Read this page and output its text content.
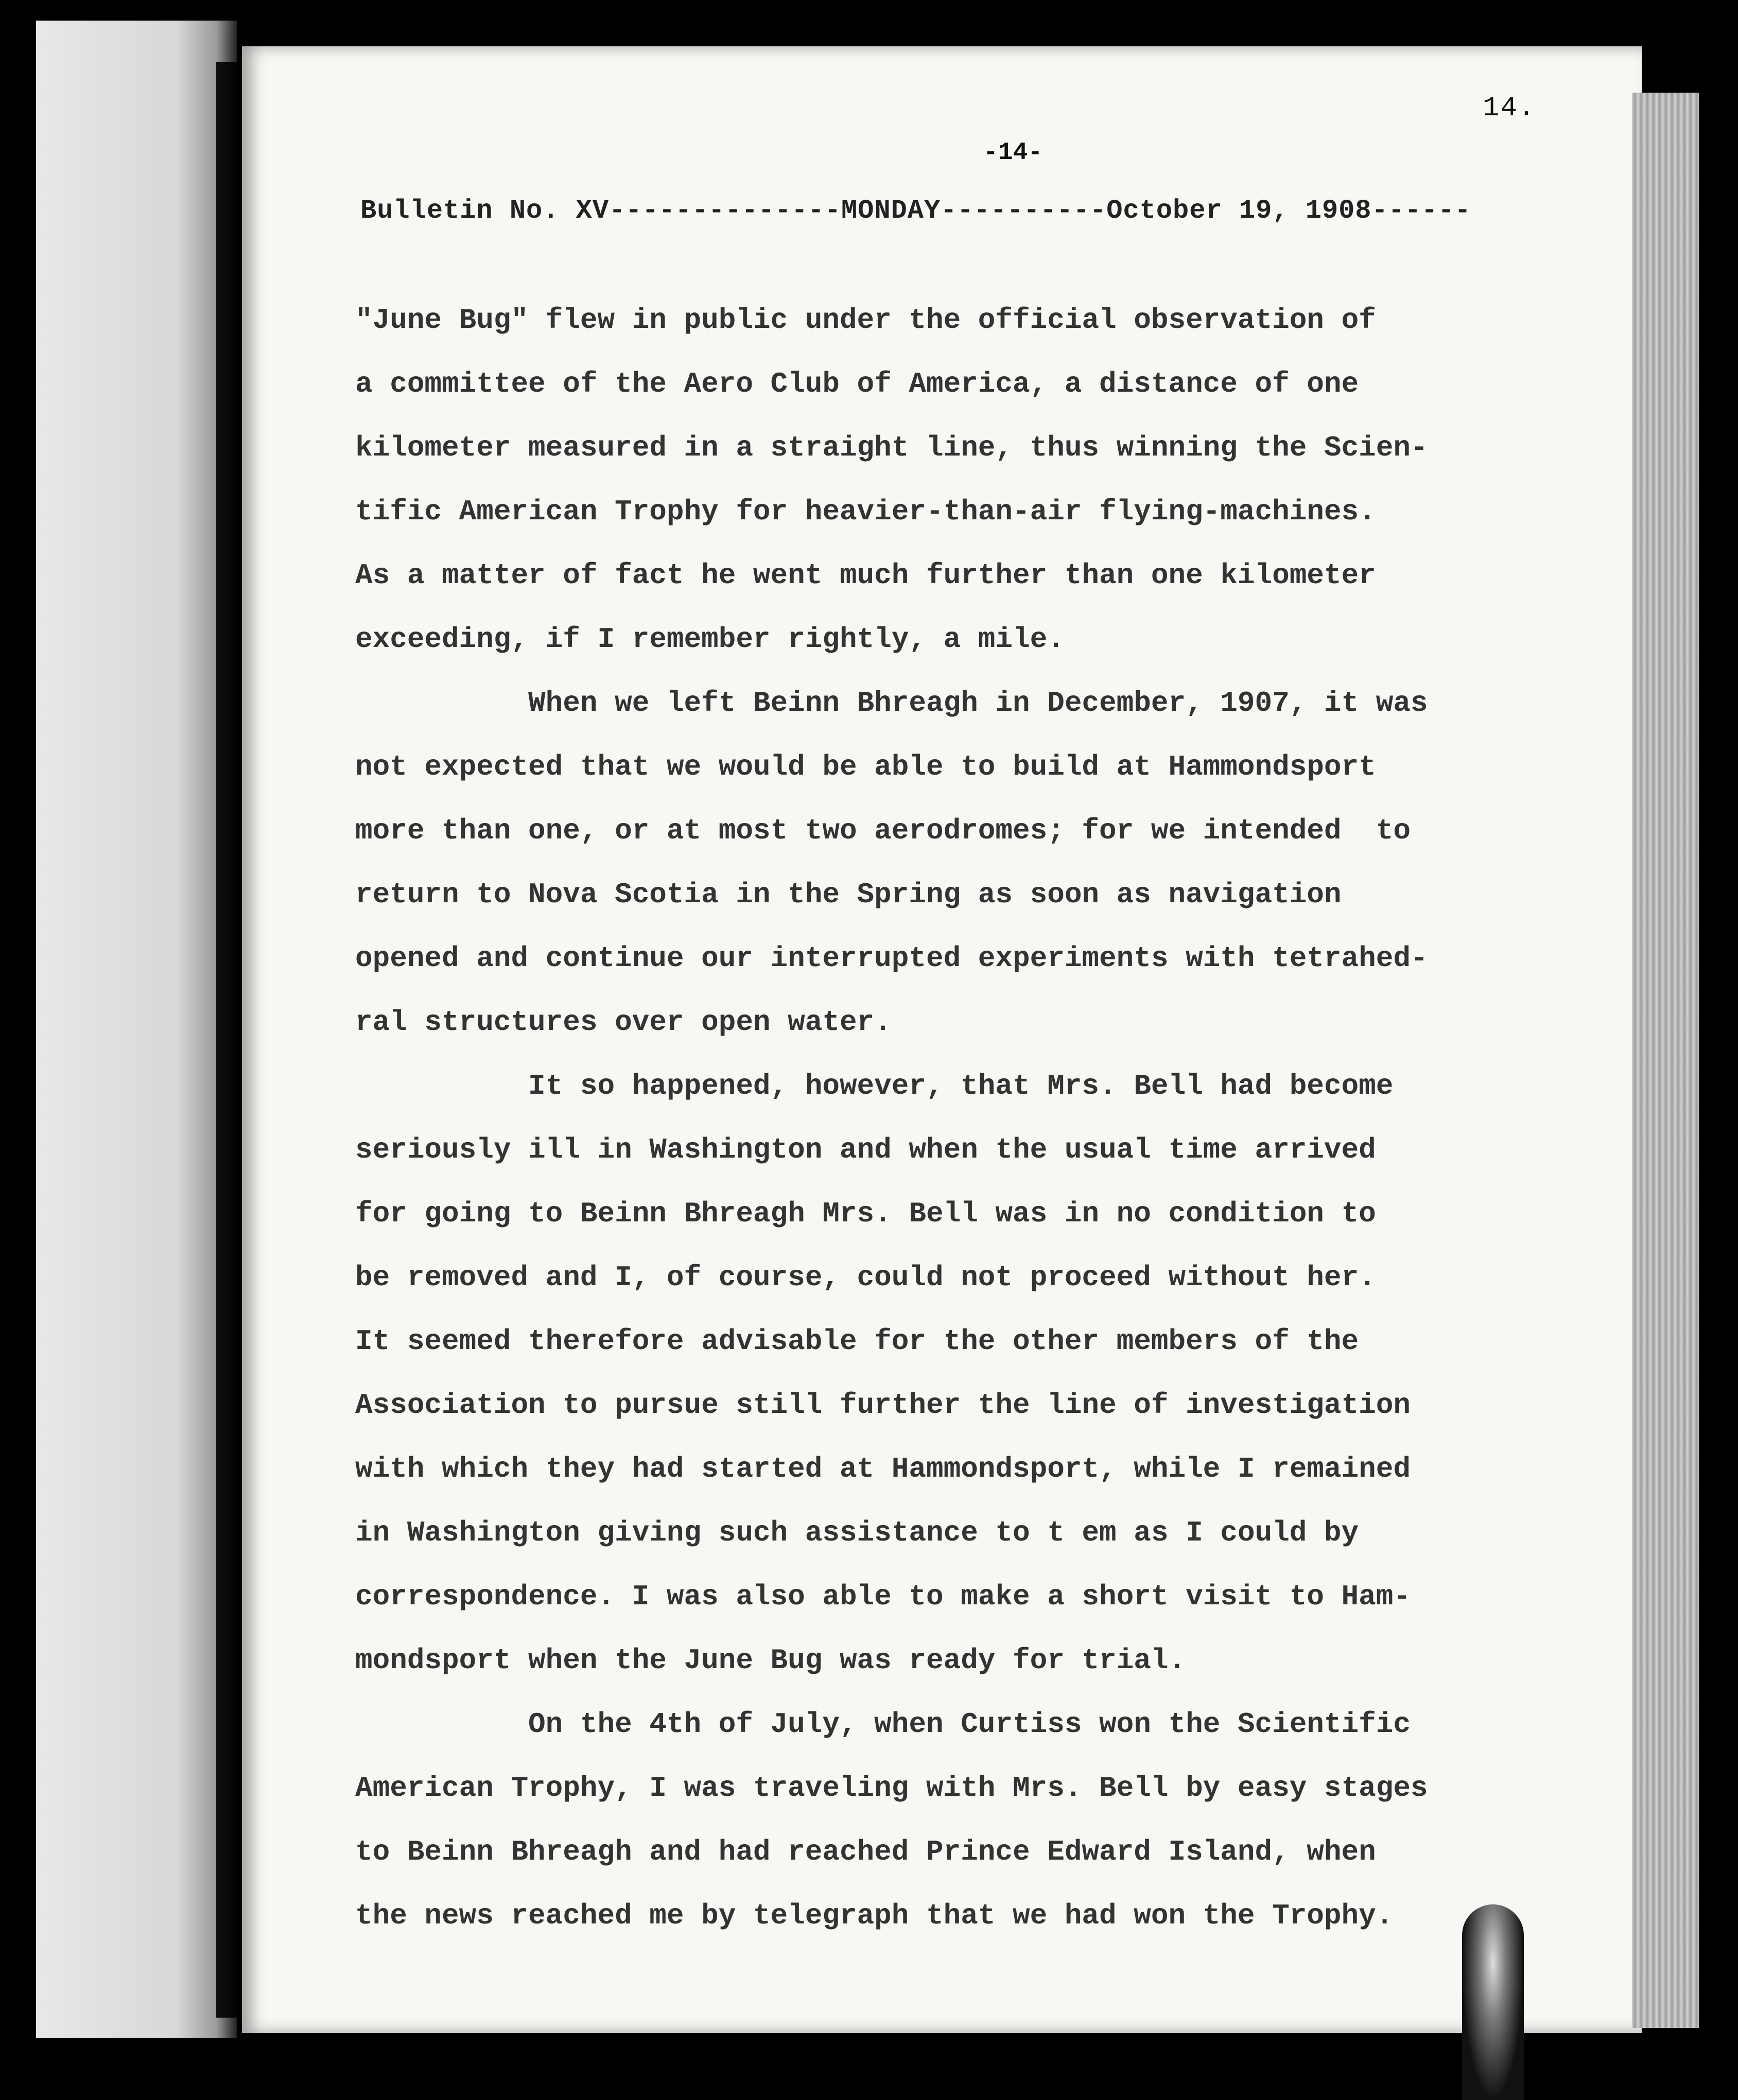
14.
-14-
Bulletin No. XV--------------MONDAY----------October 19, 1908------
"June Bug" flew in public under the official observation of
a committee of the Aero Club of America, a distance of one
kilometer measured in a straight line, thus winning the Scien-
tific American Trophy for heavier-than-air flying-machines.
As a matter of fact he went much further than one kilometer
exceeding, if I remember rightly, a mile.
When we left Beinn Bhreagh in December, 1907, it was
not expected that we would be able to build at Hammondsport
more than one, or at most two aerodromes; for we intended  to
return to Nova Scotia in the Spring as soon as navigation
opened and continue our interrupted experiments with tetrahed-
ral structures over open water.
It so happened, however, that Mrs. Bell had become
seriously ill in Washington and when the usual time arrived
for going to Beinn Bhreagh Mrs. Bell was in no condition to
be removed and I, of course, could not proceed without her.
It seemed therefore advisable for the other members of the
Association to pursue still further the line of investigation
with which they had started at Hammondsport, while I remained
in Washington giving such assistance to t em as I could by
correspondence. I was also able to make a short visit to Ham-
mondsport when the June Bug was ready for trial.
On the 4th of July, when Curtiss won the Scientific
American Trophy, I was traveling with Mrs. Bell by easy stages
to Beinn Bhreagh and had reached Prince Edward Island, when
the news reached me by telegraph that we had won the Trophy.
